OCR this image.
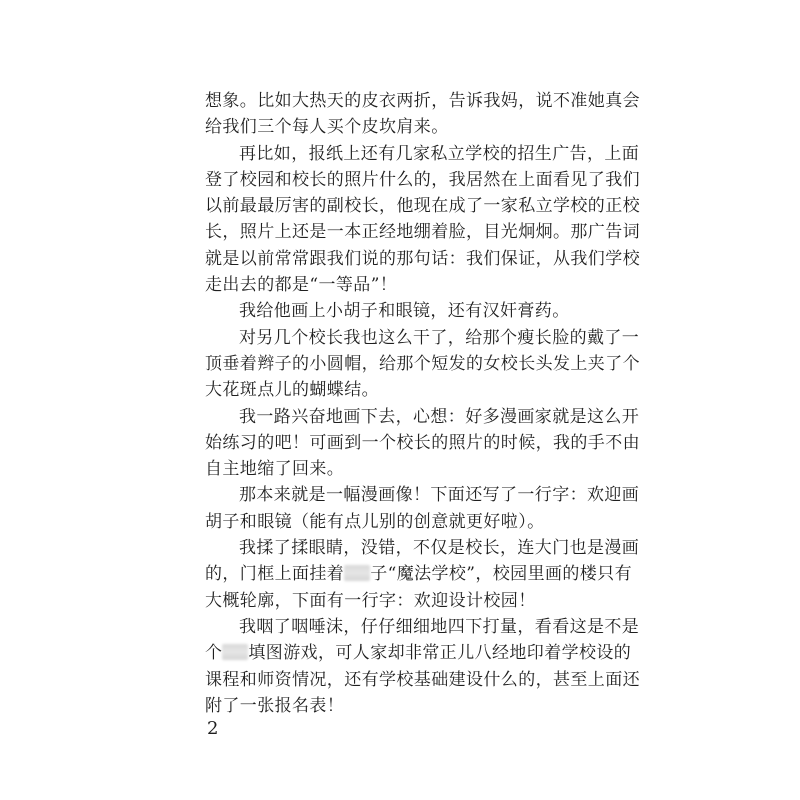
想象。比如大热天的皮衣两折，告诉我妈，说不准她真会
给我们三个每人买个皮坎肩来。

再比如，报纸上还有几家私立学校的招生广告，上面
登了校园和校长的照片什么的，我居然在上面看见了我们
以前最最厉害的副校长，他现在成了一家私立学校的正校
长，照片上还是一本正经地绷着脸，目光炯炯。那广告词
就是以前常常跟我们说的那句话：我们保证，从我们学校
走出去的都是“一等品”！

我给他画上小胡子和眼镜，还有汉奸膏药。

对另几个校长我也这么干了，给那个瘦长脸的戴了一
顶垂着辫子的小圆帽，给那个短发的女校长头发上夹了个
大花斑点儿的蝴蝶结。

我一路兴奋地画下去，心想：好多漫画家就是这么开
始练习的吧！可画到一个校长的照片的时候，我的手不由
自主地缩了回来。

那本来就是一幅漫画像！下面还写了一行字：欢迎画
胡子和眼镜（能有点儿别的创意就更好啦）。

我揉了揉眼睛，没错，不仅是校长，连大门也是漫画
的，门框上面挂着 子“魔法学校”，校园里画的楼只有
大概轮廓，下面有一行字：欢迎设计校园！

我咽了咽唾沫，仔仔细细地四下打量，看看这是不是
个 填图游戏，可人家却非常正儿八经地印着学校设的
课程和师资情况，还有学校基础建设什么的，甚至上面还
附了一张报名表！

2
